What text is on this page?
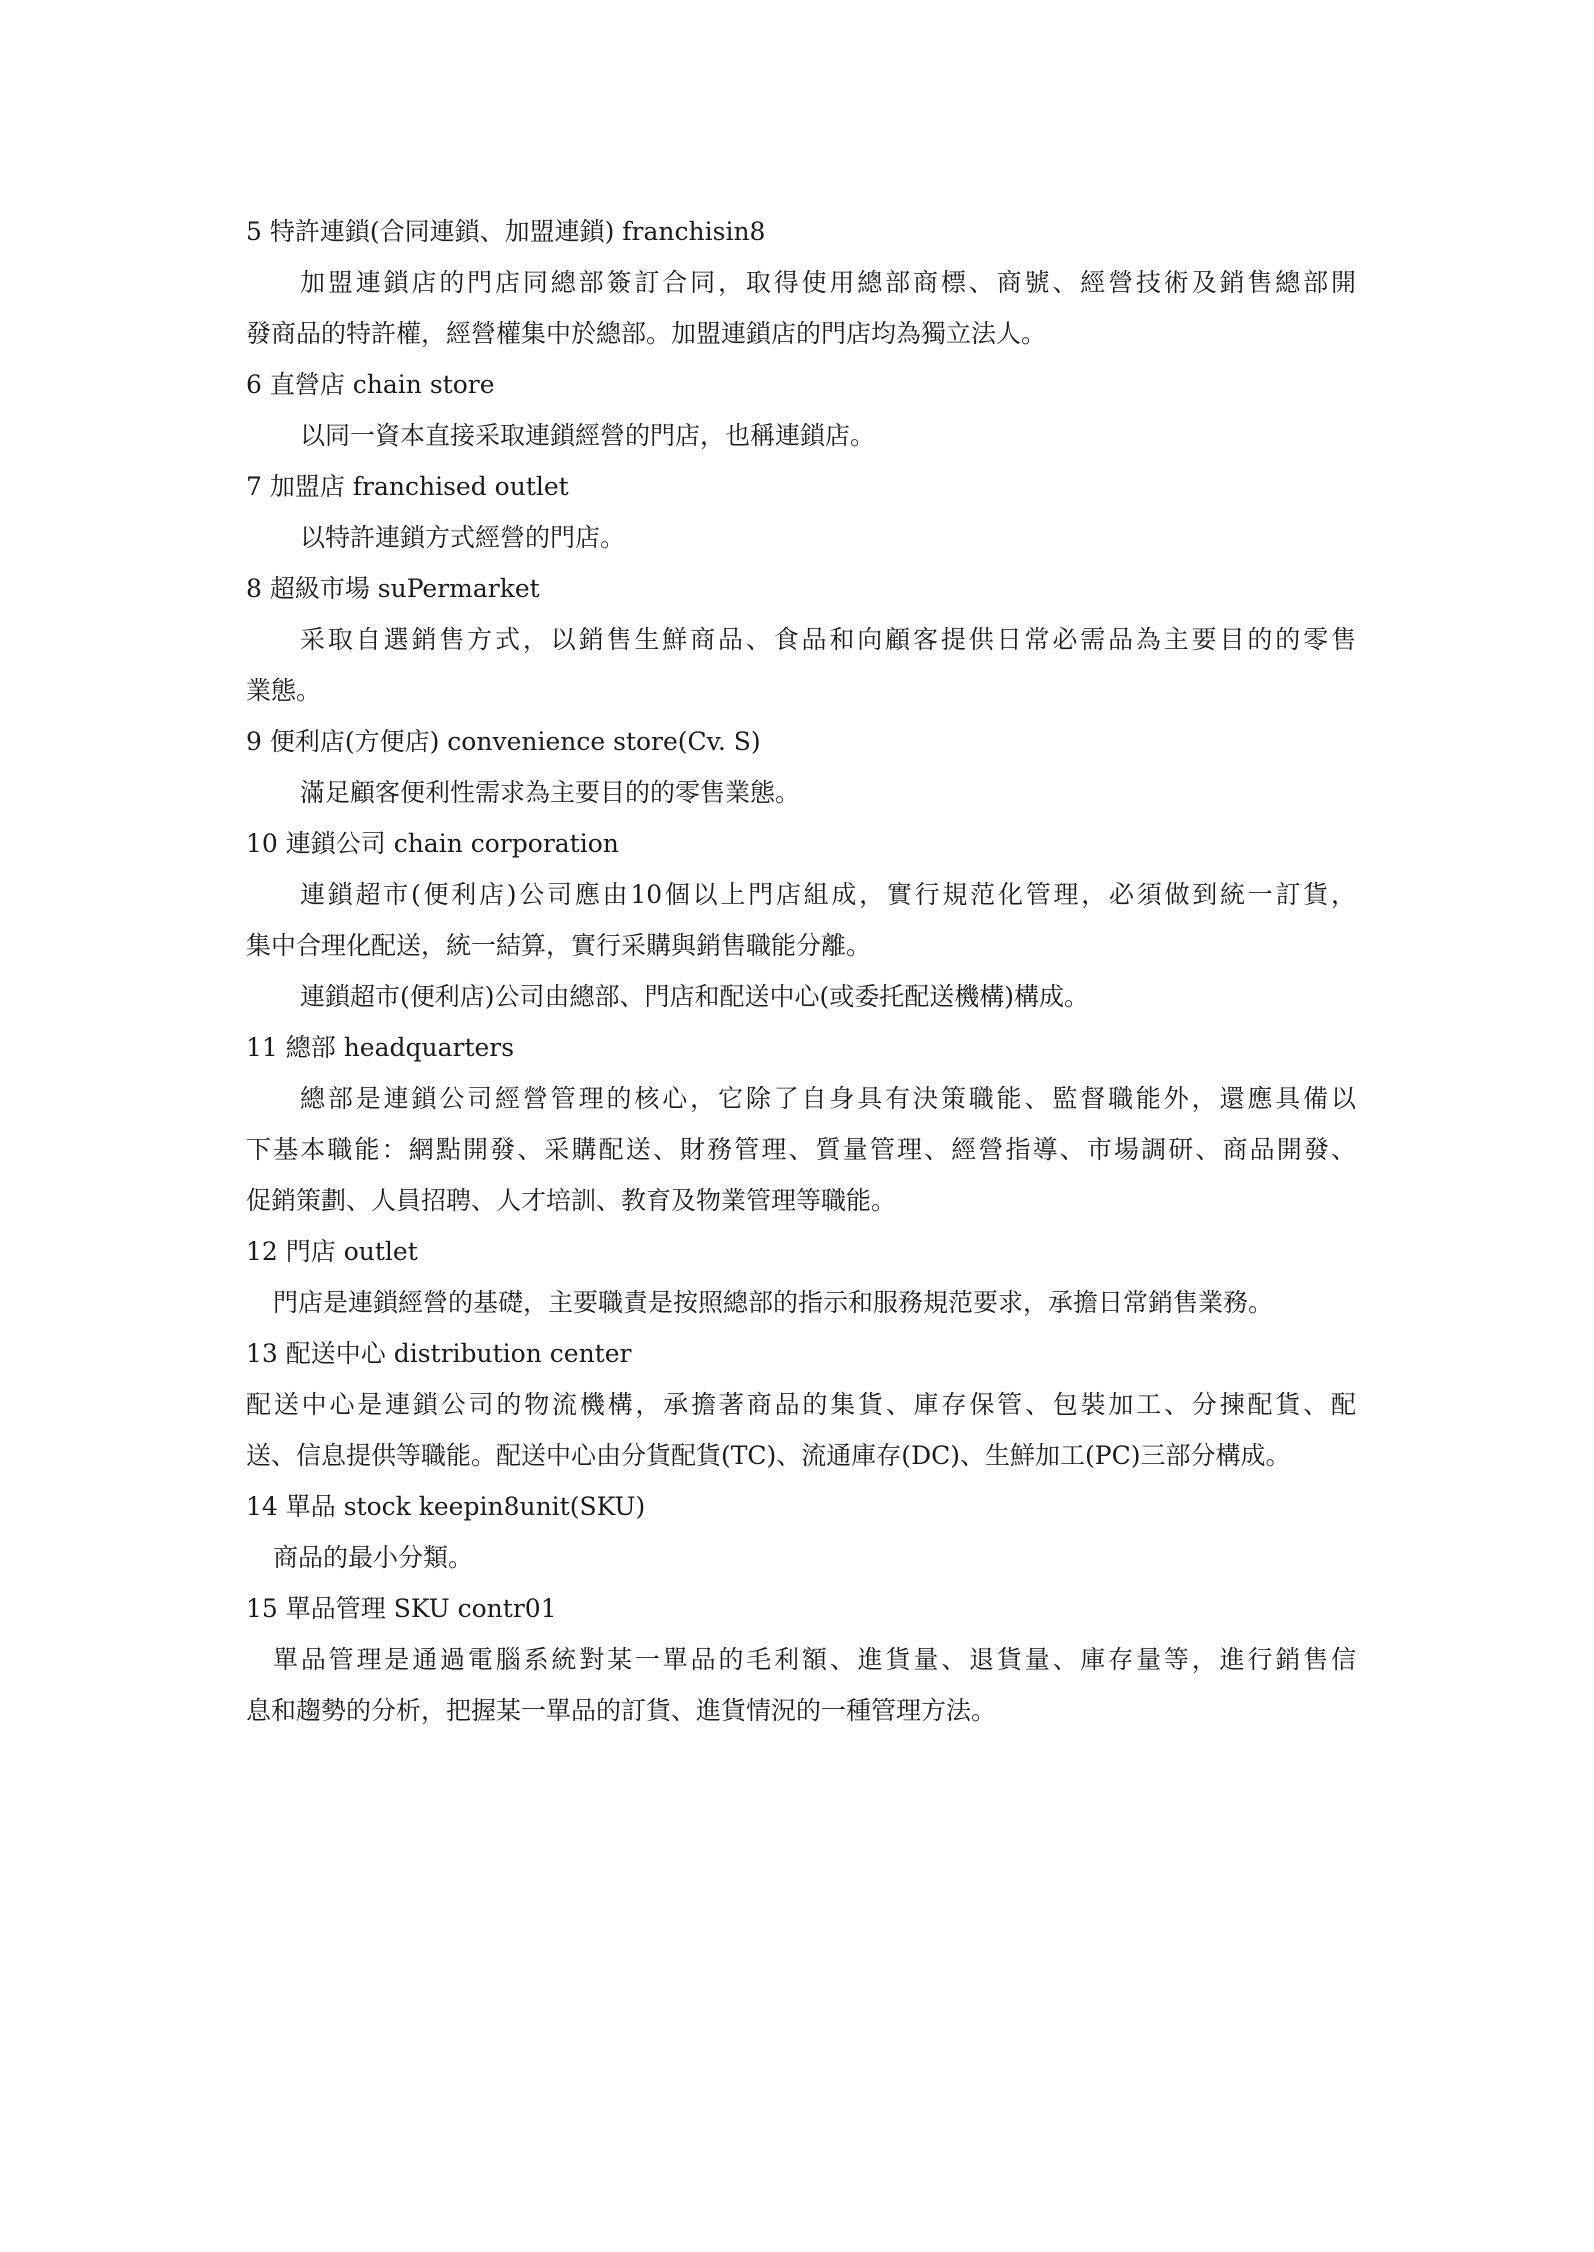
5 特許連鎖(合同連鎖、加盟連鎖) franchisin8
加盟連鎖店的門店同總部簽訂合同，取得使用總部商標、商號、經營技術及銷售總部開
發商品的特許權，經營權集中於總部。加盟連鎖店的門店均為獨立法人。
6 直營店 chain store
以同一資本直接采取連鎖經營的門店，也稱連鎖店。
7 加盟店 franchised outlet
以特許連鎖方式經營的門店。
8 超級市場 suPermarket
采取自選銷售方式，以銷售生鮮商品、食品和向顧客提供日常必需品為主要目的的零售
業態。
9 便利店(方便店) convenience store(Cv. S)
滿足顧客便利性需求為主要目的的零售業態。
10 連鎖公司 chain corporation
連鎖超市(便利店)公司應由10個以上門店組成，實行規范化管理，必須做到統一訂貨，
集中合理化配送，統一結算，實行采購與銷售職能分離。
連鎖超市(便利店)公司由總部、門店和配送中心(或委托配送機構)構成。
11 總部 headquarters
總部是連鎖公司經營管理的核心，它除了自身具有決策職能、監督職能外，還應具備以
下基本職能：網點開發、采購配送、財務管理、質量管理、經營指導、市場調研、商品開發、
促銷策劃、人員招聘、人才培訓、教育及物業管理等職能。
12 門店 outlet
門店是連鎖經營的基礎，主要職責是按照總部的指示和服務規范要求，承擔日常銷售業務。
13 配送中心 distribution center
配送中心是連鎖公司的物流機構，承擔著商品的集貨、庫存保管、包裝加工、分揀配貨、配
送、信息提供等職能。配送中心由分貨配貨(TC)、流通庫存(DC)、生鮮加工(PC)三部分構成。
14 單品 stock keepin8unit(SKU)
商品的最小分類。
15 單品管理 SKU contr01
單品管理是通過電腦系統對某一單品的毛利額、進貨量、退貨量、庫存量等，進行銷售信
息和趨勢的分析，把握某一單品的訂貨、進貨情況的一種管理方法。
